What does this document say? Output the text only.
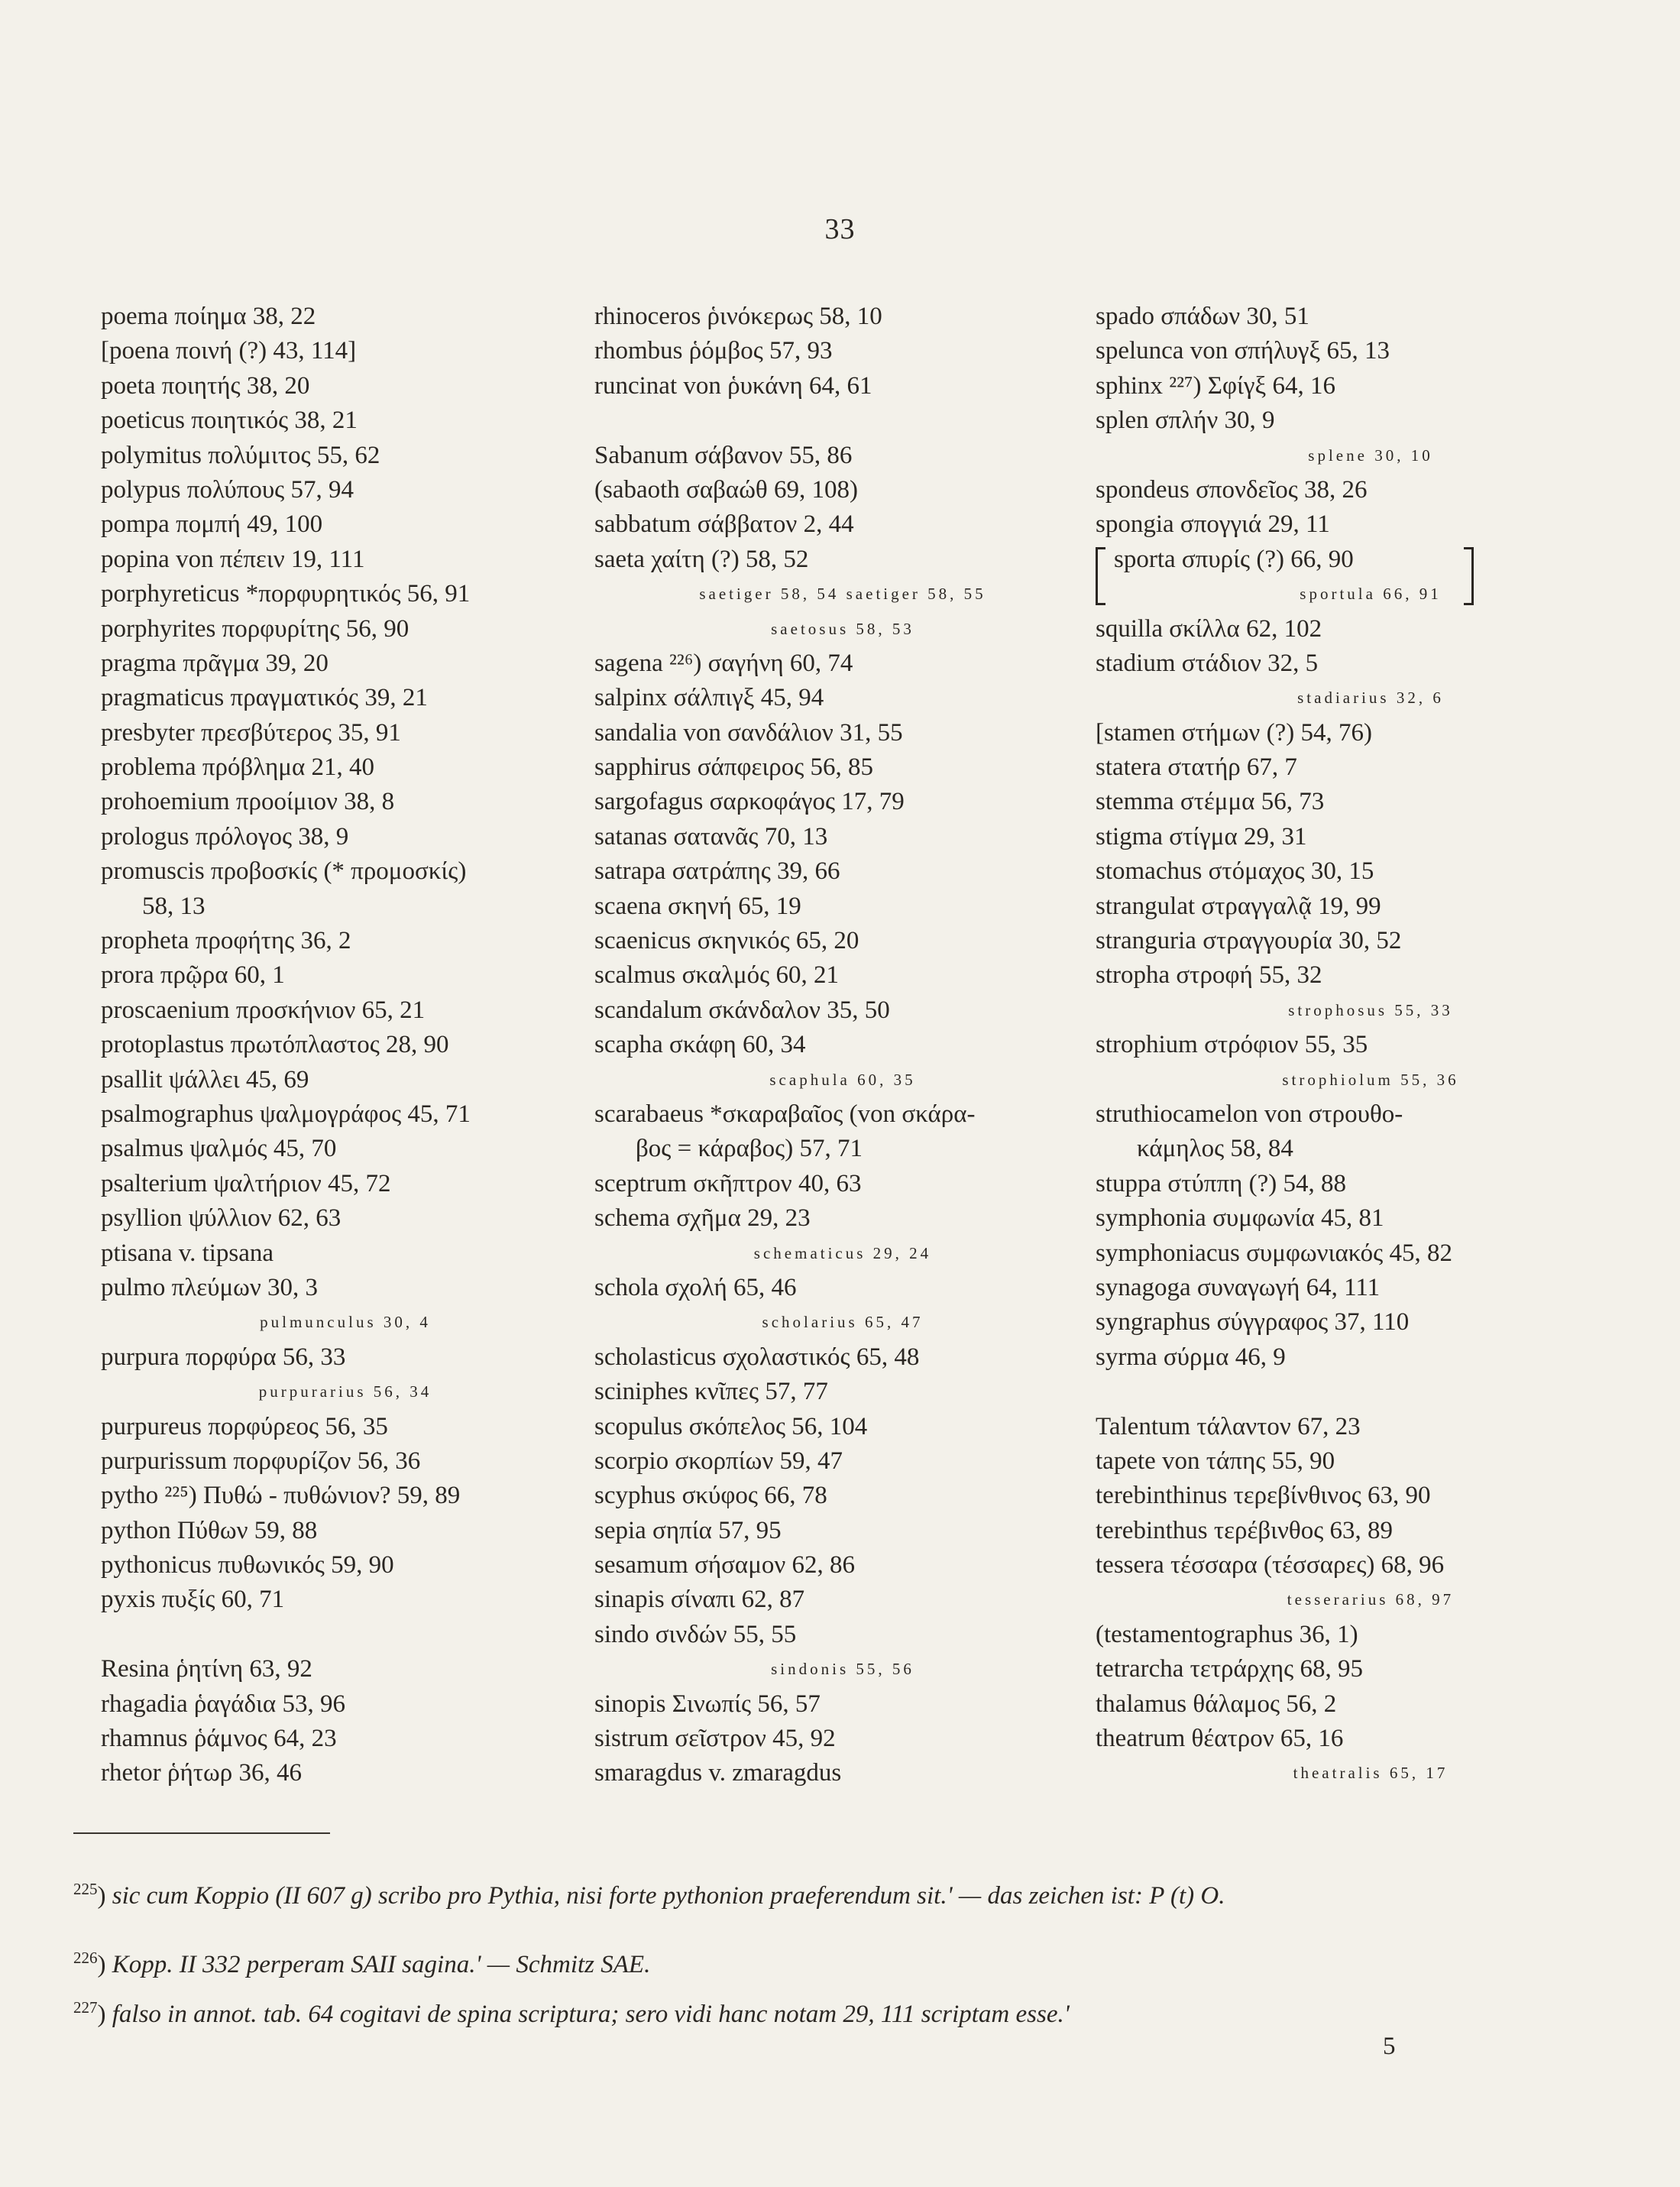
33
poema ποίημα 38, 22
[poena ποινή (?) 43, 114]
poeta ποιητής 38, 20
poeticus ποιητικός 38, 21
polymitus πολύμιτος 55, 62
polypus πολύπους 57, 94
pompa πομπή 49, 100
popina von πέπειν 19, 111
porphyreticus *πορφυρητικός 56, 91
porphyrites πορφυρίτης 56, 90
pragma πρᾶγμα 39, 20
pragmaticus πραγματικός 39, 21
presbyter πρεσβύτερος 35, 91
problema πρόβλημα 21, 40
prohoemium προοίμιον 38, 8
prologus πρόλογος 38, 9
promuscis προβοσκίς (* προμοσκίς)
58, 13
propheta προφήτης 36, 2
prora πρῷρα 60, 1
proscaenium προσκήνιον 65, 21
protoplastus πρωτόπλαστος 28, 90
psallit ψάλλει 45, 69
psalmographus ψαλμογράφος 45, 71
psalmus ψαλμός 45, 70
psalterium ψαλτήριον 45, 72
psyllion ψύλλιον 62, 63
ptisana v. tipsana
pulmo πλεύμων 30, 3
pulmunculus 30, 4
purpura πορφύρα 56, 33
purpurarius 56, 34
purpureus πορφύρεος 56, 35
purpurissum πορφυρίζον 56, 36
pytho ²²⁵) Πυθώ - πυθώνιον? 59, 89
python Πύθων 59, 88
pythonicus πυθωνικός 59, 90
pyxis πυξίς 60, 71
Resina ῥητίνη 63, 92
rhagadia ῥαγάδια 53, 96
rhamnus ῥάμνος 64, 23
rhetor ῥήτωρ 36, 46
rhinoceros ῥινόκερως 58, 10
rhombus ῥόμβος 57, 93
runcinat von ῥυκάνη 64, 61
Sabanum σάβανον 55, 86
(sabaoth σαβαώθ 69, 108)
sabbatum σάββατον 2, 44
saeta χαίτη (?) 58, 52
saetiger 58, 54 saetiger 58, 55
saetosus 58, 53
sagena ²²⁶) σαγήνη 60, 74
salpinx σάλπιγξ 45, 94
sandalia von σανδάλιον 31, 55
sapphirus σάπφειρος 56, 85
sargofagus σαρκοφάγος 17, 79
satanas σατανᾶς 70, 13
satrapa σατράπης 39, 66
scaena σκηνή 65, 19
scaenicus σκηνικός 65, 20
scalmus σκαλμός 60, 21
scandalum σκάνδαλον 35, 50
scapha σκάφη 60, 34
scaphula 60, 35
scarabaeus *σκαραβαῖος (von σκάρα-
βος = κάραβος) 57, 71
sceptrum σκῆπτρον 40, 63
schema σχῆμα 29, 23
schematicus 29, 24
schola σχολή 65, 46
scholarius 65, 47
scholasticus σχολαστικός 65, 48
sciniphes κνῖπες 57, 77
scopulus σκόπελος 56, 104
scorpio σκορπίων 59, 47
scyphus σκύφος 66, 78
sepia σηπία 57, 95
sesamum σήσαμον 62, 86
sinapis σίναπι 62, 87
sindo σινδών 55, 55
sindonis 55, 56
sinopis Σινωπίς 56, 57
sistrum σεῖστρον 45, 92
smaragdus v. zmaragdus
spado σπάδων 30, 51
spelunca von σπήλυγξ 65, 13
sphinx ²²⁷) Σφίγξ 64, 16
splen σπλήν 30, 9
splene 30, 10
spondeus σπονδεῖος 38, 26
spongia σπογγιά 29, 11
sporta σπυρίς (?) 66, 90
sportula 66, 91
squilla σκίλλα 62, 102
stadium στάδιον 32, 5
stadiarius 32, 6
[stamen στήμων (?) 54, 76)
statera στατήρ 67, 7
stemma στέμμα 56, 73
stigma στίγμα 29, 31
stomachus στόμαχος 30, 15
strangulat στραγγαλᾷ 19, 99
stranguria στραγγουρία 30, 52
stropha στροφή 55, 32
strophosus 55, 33
strophium στρόφιον 55, 35
strophiolum 55, 36
struthiocamelon von στρουθο-
κάμηλος 58, 84
stuppa στύππη (?) 54, 88
symphonia συμφωνία 45, 81
symphoniacus συμφωνιακός 45, 82
synagoga συναγωγή 64, 111
syngraphus σύγγραφος 37, 110
syrma σύρμα 46, 9
Talentum τάλαντον 67, 23
tapete von τάπης 55, 90
terebinthinus τερεβίνθινος 63, 90
terebinthus τερέβινθος 63, 89
tessera τέσσαρα (τέσσαρες) 68, 96
tesserarius 68, 97
(testamentographus 36, 1)
tetrarcha τετράρχης 68, 95
thalamus θάλαμος 56, 2
theatrum θέατρον 65, 16
theatralis 65, 17
$^{225}$) sic cum Koppio (II 607 g) scribo pro Pythia, nisi forte pythonion praeferendum sit.' — das zeichen ist: P (t) O.
$^{226}$) Kopp. II 332 perperam SAII sagina.' — Schmitz SAE.
$^{227}$) falso in annot. tab. 64 cogitavi de spina scriptura; sero vidi hanc notam 29, 111 scriptam esse.'
5
